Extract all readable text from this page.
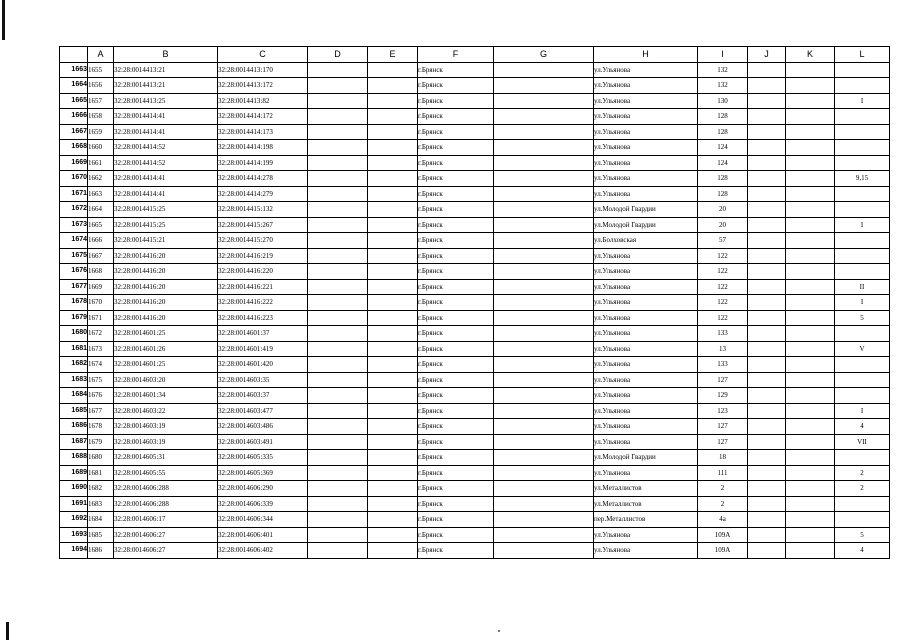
	A	B	C	D	E	F	G	H	I	J	K	L
1663	1655	32:28:0014413:21	32:28:0014413:170			г.Брянск		ул.Ульянова	132			
1664	1656	32:28:0014413:21	32:28:0014413:172			г.Брянск		ул.Ульянова	132			
1665	1657	32:28:0014413:25	32:28:0014413:82			г.Брянск		ул.Ульянова	130			I
1666	1658	32:28:0014414:41	32:28:0014414:172			г.Брянск		ул.Ульянова	128			
1667	1659	32:28:0014414:41	32:28:0014414:173			г.Брянск		ул.Ульянова	128			
1668	1660	32:28:0014414:52	32:28:0014414:198			г.Брянск		ул.Ульянова	124			
1669	1661	32:28:0014414:52	32:28:0014414:199			г.Брянск		ул.Ульянова	124			
1670	1662	32:28:0014414:41	32:28:0014414:278			г.Брянск		ул.Ульянова	128			9,15
1671	1663	32:28:0014414:41	32:28:0014414:279			г.Брянск		ул.Ульянова	128			
1672	1664	32:28:0014415:25	32:28:0014415:132			г.Брянск		ул.Молодой Гвардии	20			
1673	1665	32:28:0014415:25	32:28:0014415:267			г.Брянск		ул.Молодой Гвардии	20			I
1674	1666	32:28:0014415:21	32:28:0014415:270			г.Брянск		ул.Болховская	57			
1675	1667	32:28:0014416:20	32:28:0014416:219			г.Брянск		ул.Ульянова	122			
1676	1668	32:28:0014416:20	32:28:0014416:220			г.Брянск		ул.Ульянова	122			
1677	1669	32:28:0014416:20	32:28:0014416:221			г.Брянск		ул.Ульянова	122			II
1678	1670	32:28:0014416:20	32:28:0014416:222			г.Брянск		ул.Ульянова	122			I
1679	1671	32:28:0014416:20	32:28:0014416:223			г.Брянск		ул.Ульянова	122			5
1680	1672	32:28:0014601:25	32:28:0014601:37			г.Брянск		ул.Ульянова	133			
1681	1673	32:28:0014601:26	32:28:0014601:419			г.Брянск		ул.Ульянова	13			V
1682	1674	32:28:0014601:25	32:28:0014601:420			г.Брянск		ул.Ульянова	133			
1683	1675	32:28:0014603:20	32:28:0014603:35			г.Брянск		ул.Ульянова	127			
1684	1676	32:28:0014601:34	32:28:0014603:37			г.Брянск		ул.Ульянова	129			
1685	1677	32:28:0014603:22	32:28:0014603:477			г.Брянск		ул.Ульянова	123			I
1686	1678	32:28:0014603:19	32:28:0014603:486			г.Брянск		ул.Ульянова	127			4
1687	1679	32:28:0014603:19	32:28:0014603:491			г.Брянск		ул.Ульянова	127			VII
1688	1680	32:28:0014605:31	32:28:0014605:335			г.Брянск		ул.Молодой Гвардии	18			
1689	1681	32:28:0014605:55	32:28:0014605:369			г.Брянск		ул.Ульянова	111			2
1690	1682	32:28:0014606:288	32:28:0014606:290			г.Брянск		ул.Металлистов	2			2
1691	1683	32:28:0014606:288	32:28:0014606:339			г.Брянск		ул.Металлистов	2			
1692	1684	32:28:0014606:17	32:28:0014606:344			г.Брянск		пер.Металлистов	4а			
1693	1685	32:28:0014606:27	32:28:0014606:401			г.Брянск		ул.Ульянова	109А			5
1694	1686	32:28:0014606:27	32:28:0014606:402			г.Брянск		ул.Ульянова	109А			4
